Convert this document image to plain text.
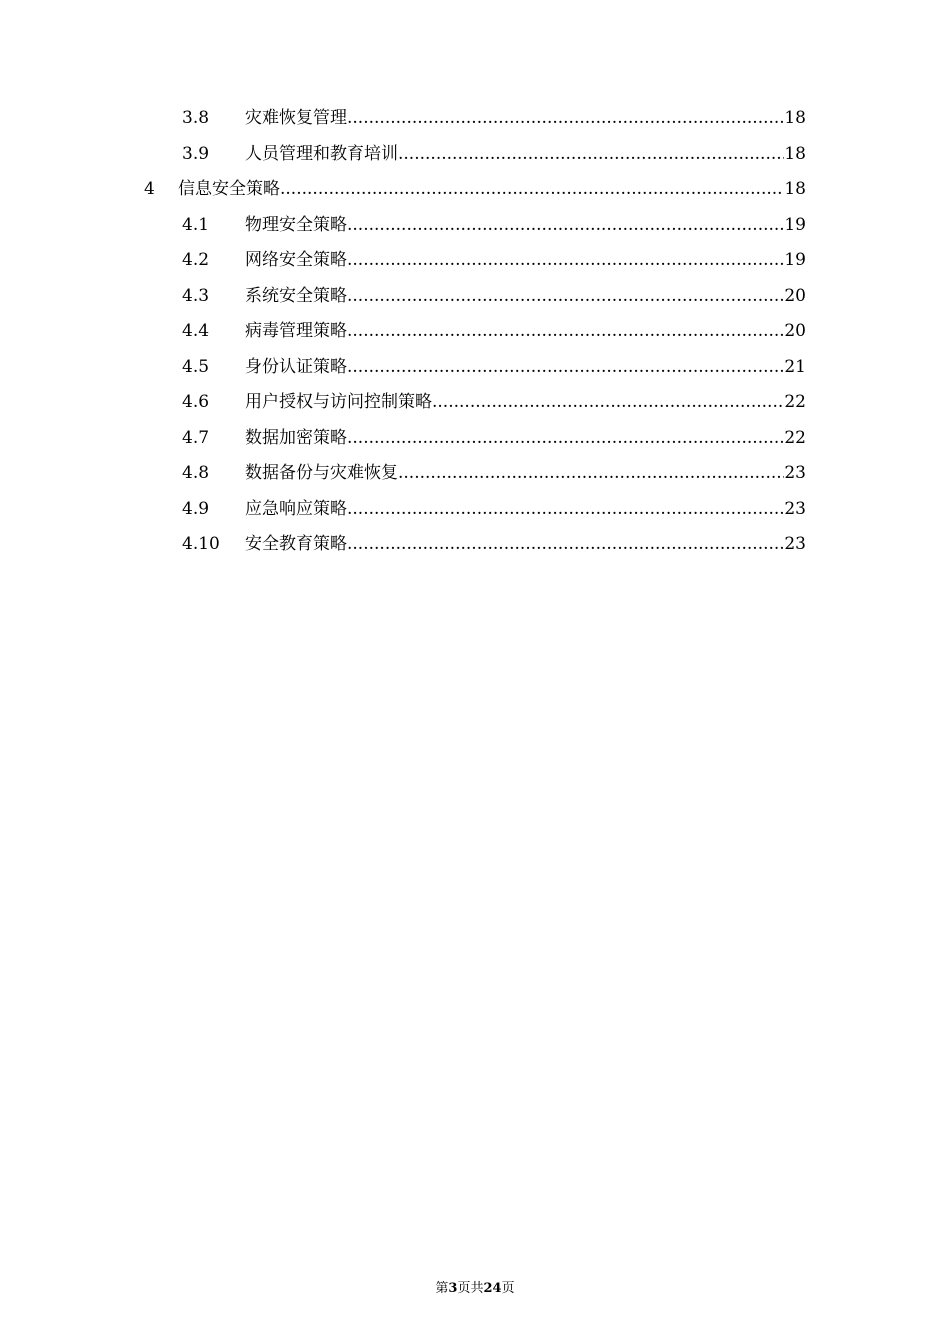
3.8 灾难恢复管理 .....	18
3.9 人员管理和教育培训 .....	18
4 信息安全策略 .....	18
4.1 物理安全策略 .....	19
4.2 网络安全策略 .....	19
4.3 系统安全策略 .....	20
4.4 病毒管理策略 .....	20
4.5 身份认证策略 .....	21
4.6 用户授权与访问控制策略 .....	22
4.7 数据加密策略 .....	22
4.8 数据备份与灾难恢复 .....	23
4.9 应急响应策略 .....	23
4.10 安全教育策略 .....	23
第3页共24页
